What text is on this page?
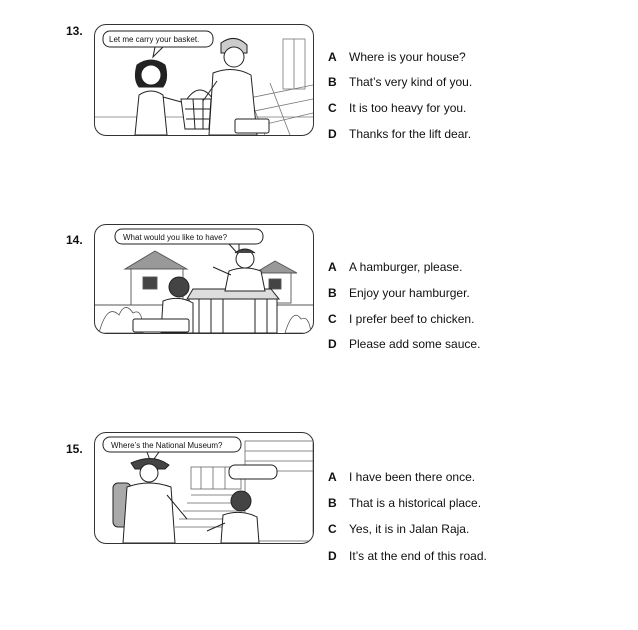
13.
Let me carry your basket.
A	Where is your house?
B	That’s very kind of you.
C	It is too heavy for you.
D	Thanks for the lift dear.
14.	What would you like to have?
A	A hamburger, please.
B	Enjoy your hamburger.
C	I prefer beef to chicken.
D	Please add some sauce.
15.	Where’s the National Museum?
A	I have been there once.
B	That is a historical place.
C	Yes, it is in Jalan Raja.
D	It’s at the end of this road.
